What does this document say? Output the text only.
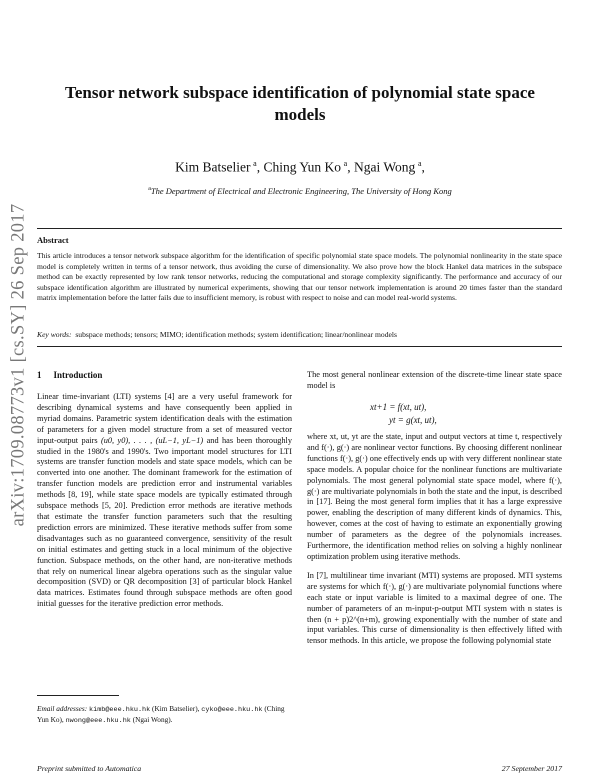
arXiv:1709.08773v1 [cs.SY] 26 Sep 2017
Tensor network subspace identification of polynomial state space models
Kim Batselier  $^a$, Ching Yun Ko  $^a$, Ngai Wong  $^a$,
$^a$The Department of Electrical and Electronic Engineering, The University of Hong Kong
Abstract

This article introduces a tensor network subspace algorithm for the identification of specific polynomial state space models. The polynomial nonlinearity in the state space model is completely written in terms of a tensor network, thus avoiding the curse of dimensionality. We also prove how the block Hankel data matrices in the subspace method can be exactly represented by low rank tensor networks, reducing the computational and storage complexity significantly. The performance and accuracy of our subspace identification algorithm are illustrated by numerical experiments, showing that our tensor network implementation is around 20 times faster than the standard matrix implementation before the latter fails due to insufficient memory, is robust with respect to noise and can model real-world systems.

Key words: subspace methods; tensors; MIMO; identification methods; system identification; linear/nonlinear models
1 Introduction

Linear time-invariant (LTI) systems [4] are a very useful framework for describing dynamical systems and have consequently been applied in myriad domains. Parametric system identification deals with the estimation of parameters for a given model structure from a set of measured vector input-output pairs (u0, y0), . . . , (uL−1, yL−1) and has been thoroughly studied in the 1980's and 1990's. Two important model structures for LTI systems are transfer function models and state space models, which can be converted into one another. The dominant framework for the estimation of transfer function models are prediction error and instrumental variables methods [8, 19], while state space models are typically estimated through subspace methods [5, 20]. Prediction error methods are iterative methods that estimate the transfer function parameters such that the resulting prediction errors are minimized. These iterative methods suffer from some disadvantages such as no guaranteed convergence, sensitivity of the result on initial estimates and getting stuck in a local minimum of the objective function. Subspace methods, on the other hand, are non-iterative methods that rely on numerical linear algebra operations such as the singular value decomposition (SVD) or QR decomposition [3] of particular block Hankel data matrices. Estimates found through subspace methods are often good initial guesses for the iterative prediction error methods.

The most general nonlinear extension of the discrete-time linear state space model is

xt+1 = f(xt, ut),
yt = g(xt, ut),

where xt, ut, yt are the state, input and output vectors at time t, respectively and f(·), g(·) are nonlinear vector functions. By choosing different nonlinear functions f(·), g(·) one effectively ends up with very different nonlinear state space models. A popular choice for the nonlinear functions are multivariate polynomials. The most general polynomial state space model, where f(·), g(·) are multivariate polynomials in both the state and the input, is described in [17]. Being the most general form implies that it has a large expressive power, enabling the description of many different kinds of dynamics. This, however, comes at the cost of having to estimate an exponentially growing number of parameters as the degree of the polynomials increases. Furthermore, the identification method relies on solving a highly nonlinear optimization problem using iterative methods.

In [7], multilinear time invariant (MTI) systems are proposed. MTI systems are systems for which f(·), g(·) are multivariate polynomial functions where each state or input variable is limited to a maximal degree of one. The number of parameters of an m-input-p-output MTI system with n states is then (n + p)2^(n+m), growing exponentially with the number of state and input variables. This curse of dimensionality is then effectively lifted with tensor methods. In this article, we propose the following polynomial state

Email addresses: kimb@eee.hku.hk (Kim Batselier), cyko@eee.hku.hk (Ching Yun Ko), nwong@eee.hku.hk (Ngai Wong).
Preprint submitted to Automatica	27 September 2017
